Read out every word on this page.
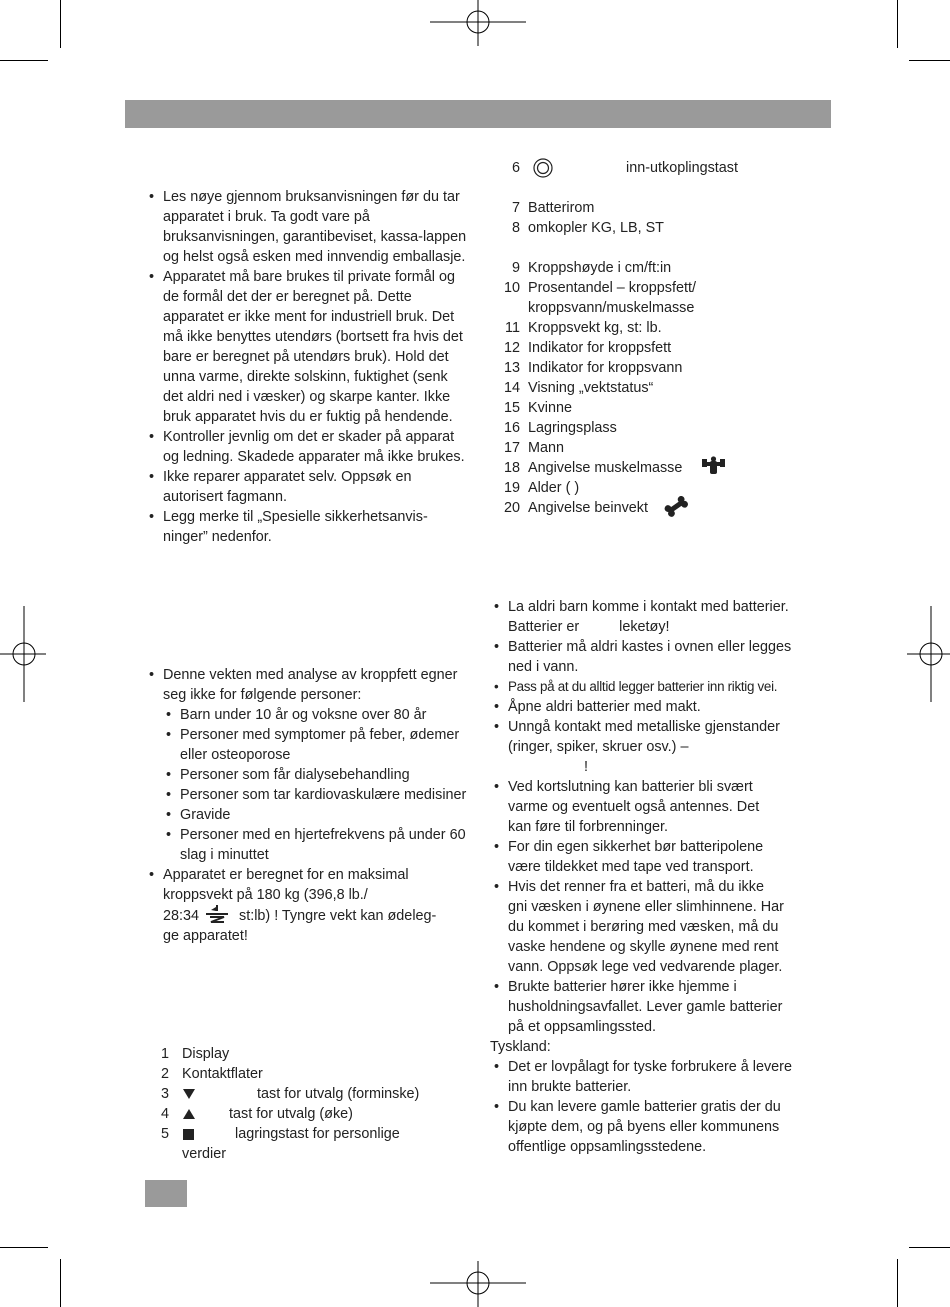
• Les nøye gjennom bruksanvisningen før du tar apparatet i bruk. Ta godt vare på bruksanvisningen, garantibeviset, kassa-lappen og helst også esken med innvendig emballasje.
• Apparatet må bare brukes til private formål og de formål det der er beregnet på. Dette apparatet er ikke ment for industriell bruk. Det må ikke benyttes utendørs (bortsett fra hvis det bare er beregnet på utendørs bruk). Hold det unna varme, direkte solskinn, fuktighet (senk det aldri ned i væsker) og skarpe kanter. Ikke bruk apparatet hvis du er fuktig på hendende.
• Kontroller jevnlig om det er skader på apparat og ledning. Skadede apparater må ikke brukes.
• Ikke reparer apparatet selv. Oppsøk en autorisert fagmann.
• Legg merke til „Spesielle sikkerhetsanvis-ninger” nedenfor.
• Denne vekten med analyse av kroppfett egner seg ikke for følgende personer:
• Barn under 10 år og voksne over 80 år
• Personer med symptomer på feber, ødemer eller osteoporose
• Personer som får dialysebehandling
• Personer som tar kardiovaskulære medisiner
• Gravide
• Personer med en hjertefrekvens på under 60 slag i minuttet
• Apparatet er beregnet for en maksimal
kroppsvekt på 180 kg (396,8 lb./
28:34	st:lb) ! Tyngre vekt kan ødeleg-
ge apparatet!
1 Display
2 Kontaktflater
3	tast for utvalg (forminske)
4	tast for utvalg (øke)
5	lagringstast for personlige
verdier
6	inn-utkoplingstast
7 Batterirom
8 omkopler KG, LB, ST
9 Kroppshøyde i cm/ft:in
10 Prosentandel – kroppsfett/
kroppsvann/muskelmasse
11 Kroppsvekt kg, st: lb.
12 Indikator for kroppsfett
13 Indikator for kroppsvann
14 Visning „vektstatus“
15 Kvinne
16 Lagringsplass
17 Mann
18 Angivelse muskelmasse
19 Alder ( )
20 Angivelse beinvekt
• La aldri barn komme i kontakt med batterier.
Batterier er          leketøy!
• Batterier må aldri kastes i ovnen eller legges
ned i vann.
• Pass på at du alltid legger batterier inn riktig vei.
• Åpne aldri batterier med makt.
• Unngå kontakt med metalliske gjenstander
(ringer, spiker, skruer osv.) –
!
• Ved kortslutning kan batterier bli svært
varme og eventuelt også antennes. Det
kan føre til forbrenninger.
• For din egen sikkerhet bør batteripolene
være tildekket med tape ved transport.
• Hvis det renner fra et batteri, må du ikke
gni væsken i øynene eller slimhinnene. Har
du kommet i berøring med væsken, må du
vaske hendene og skylle øynene med rent
vann. Oppsøk lege ved vedvarende plager.
• Brukte batterier hører ikke hjemme i
husholdningsavfallet. Lever gamle batterier
på et oppsamlingssted.
Tyskland:
• Det er lovpålagt for tyske forbrukere å levere
inn brukte batterier.
• Du kan levere gamle batterier gratis der du
kjøpte dem, og på byens eller kommunens
offentlige oppsamlingsstedene.
